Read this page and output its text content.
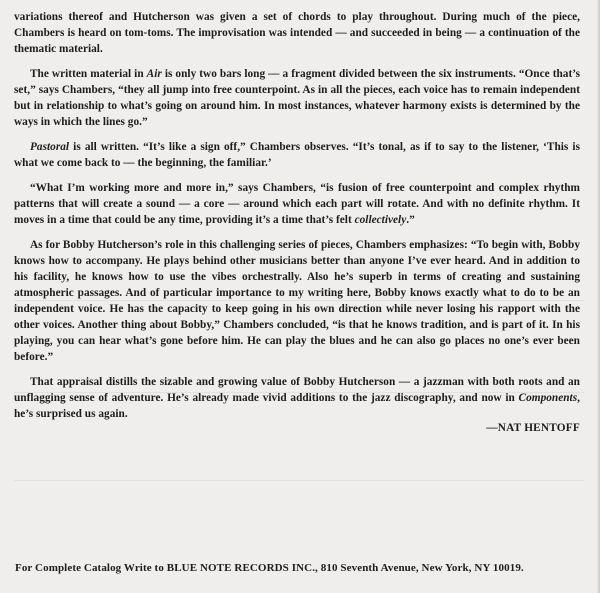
variations thereof and Hutcherson was given a set of chords to play throughout. During much of the piece, Chambers is heard on tom-toms. The improvisation was intended — and succeeded in being — a continuation of the thematic material.

The written material in Air is only two bars long — a fragment divided between the six instruments. “Once that’s set,” says Chambers, “they all jump into free counterpoint. As in all the pieces, each voice has to remain independent but in relationship to what’s going on around him. In most instances, whatever harmony exists is determined by the ways in which the lines go.”

Pastoral is all written. “It’s like a sign off,” Chambers observes. “It’s tonal, as if to say to the listener, ‘This is what we come back to — the beginning, the familiar.’

“What I’m working more and more in,” says Chambers, “is fusion of free counterpoint and complex rhythm patterns that will create a sound — a core — around which each part will rotate. And with no definite rhythm. It moves in a time that could be any time, providing it’s a time that’s felt collectively.”

As for Bobby Hutcherson’s role in this challenging series of pieces, Chambers emphasizes: “To begin with, Bobby knows how to accompany. He plays behind other musicians better than anyone I’ve ever heard. And in addition to his facility, he knows how to use the vibes orchestrally. Also he’s superb in terms of creating and sustaining atmospheric passages. And of particular importance to my writing here, Bobby knows exactly what to do to be an independent voice. He has the capacity to keep going in his own direction while never losing his rapport with the other voices. Another thing about Bobby,” Chambers concluded, “is that he knows tradition, and is part of it. In his playing, you can hear what’s gone before him. He can play the blues and he can also go places no one’s ever been before.”

That appraisal distills the sizable and growing value of Bobby Hutcherson — a jazzman with both roots and an unflagging sense of adventure. He’s already made vivid additions to the jazz discography, and now in Components, he’s surprised us again.

—NAT HENTOFF
For Complete Catalog Write to BLUE NOTE RECORDS INC., 810 Seventh Avenue, New York, NY 10019.
